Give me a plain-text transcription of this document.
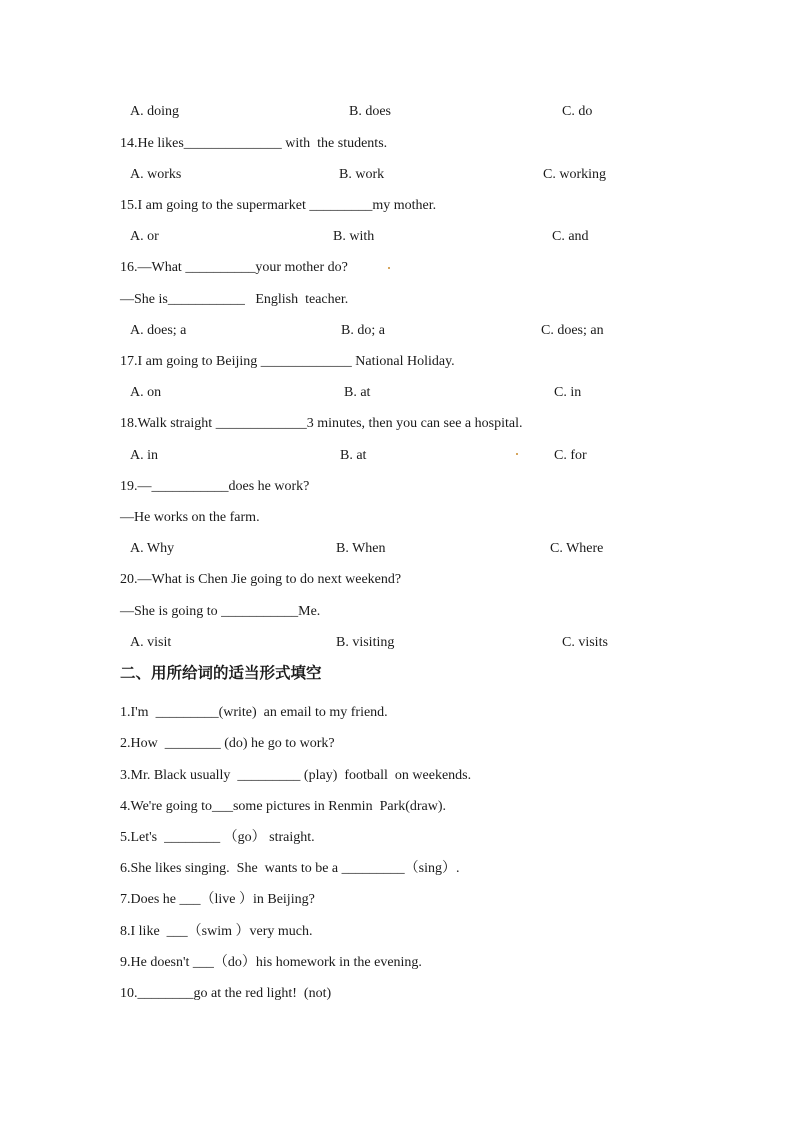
A. doing	B. does	C. do
14.He likes______________ with  the students.
A. works	B. work	C. working
15.I am going to the supermarket _________my mother.
A. or	B. with	C. and
16.—What __________your mother do?
—She is___________   English  teacher.
A. does; a	B. do; a	C. does; an
17.I am going to Beijing _____________ National Holiday.
A. on	B. at	C. in
18.Walk straight _____________3 minutes, then you can see a hospital.
A. in	B. at	C. for
19.—___________does he work?
—He works on the farm.
A. Why	B. When	C. Where
20.—What is Chen Jie going to do next weekend?
—She is going to ___________Me.
A. visit	B. visiting	C. visits
二、用所给词的适当形式填空
1.I'm  _________(write)  an email to my friend.
2.How  ________ (do) he go to work?
3.Mr. Black usually  _________ (play)  football  on weekends.
4.We're going to___some pictures in Renmin  Park(draw).
5.Let's  ________ （go） straight.
6.She likes singing.  She  wants to be a _________（sing）.
7.Does he ___（live ）in Beijing?
8.I like  ___（swim ）very much.
9.He doesn't ___（do）his homework in the evening.
10.________go at the red light!  (not)
